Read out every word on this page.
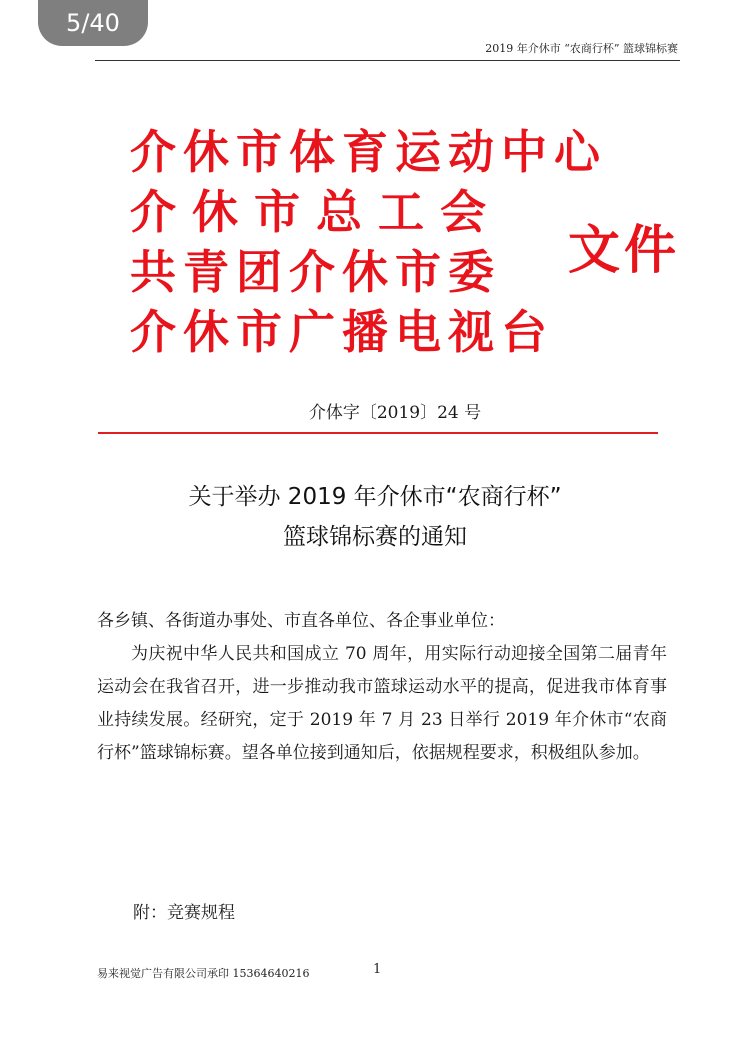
5/40
2019 年介休市 “农商行杯” 篮球锦标赛
介休市体育运动中心
介 休 市 总 工 会
共青团介休市委
介休市广播电视台
文件
介体字〔2019〕24 号
关于举办 2019 年介休市“农商行杯”
篮球锦标赛的通知

各乡镇、各街道办事处、市直各单位、各企事业单位：

为庆祝中华人民共和国成立 70 周年，用实际行动迎接全国第二届青年运动会在我省召开，进一步推动我市篮球运动水平的提高，促进我市体育事业持续发展。经研究，定于 2019 年 7 月 23 日举行 2019 年介休市“农商行杯”篮球锦标赛。望各单位接到通知后，依据规程要求，积极组队参加。

附：竞赛规程
易来视觉广告有限公司承印 15364640216	1
